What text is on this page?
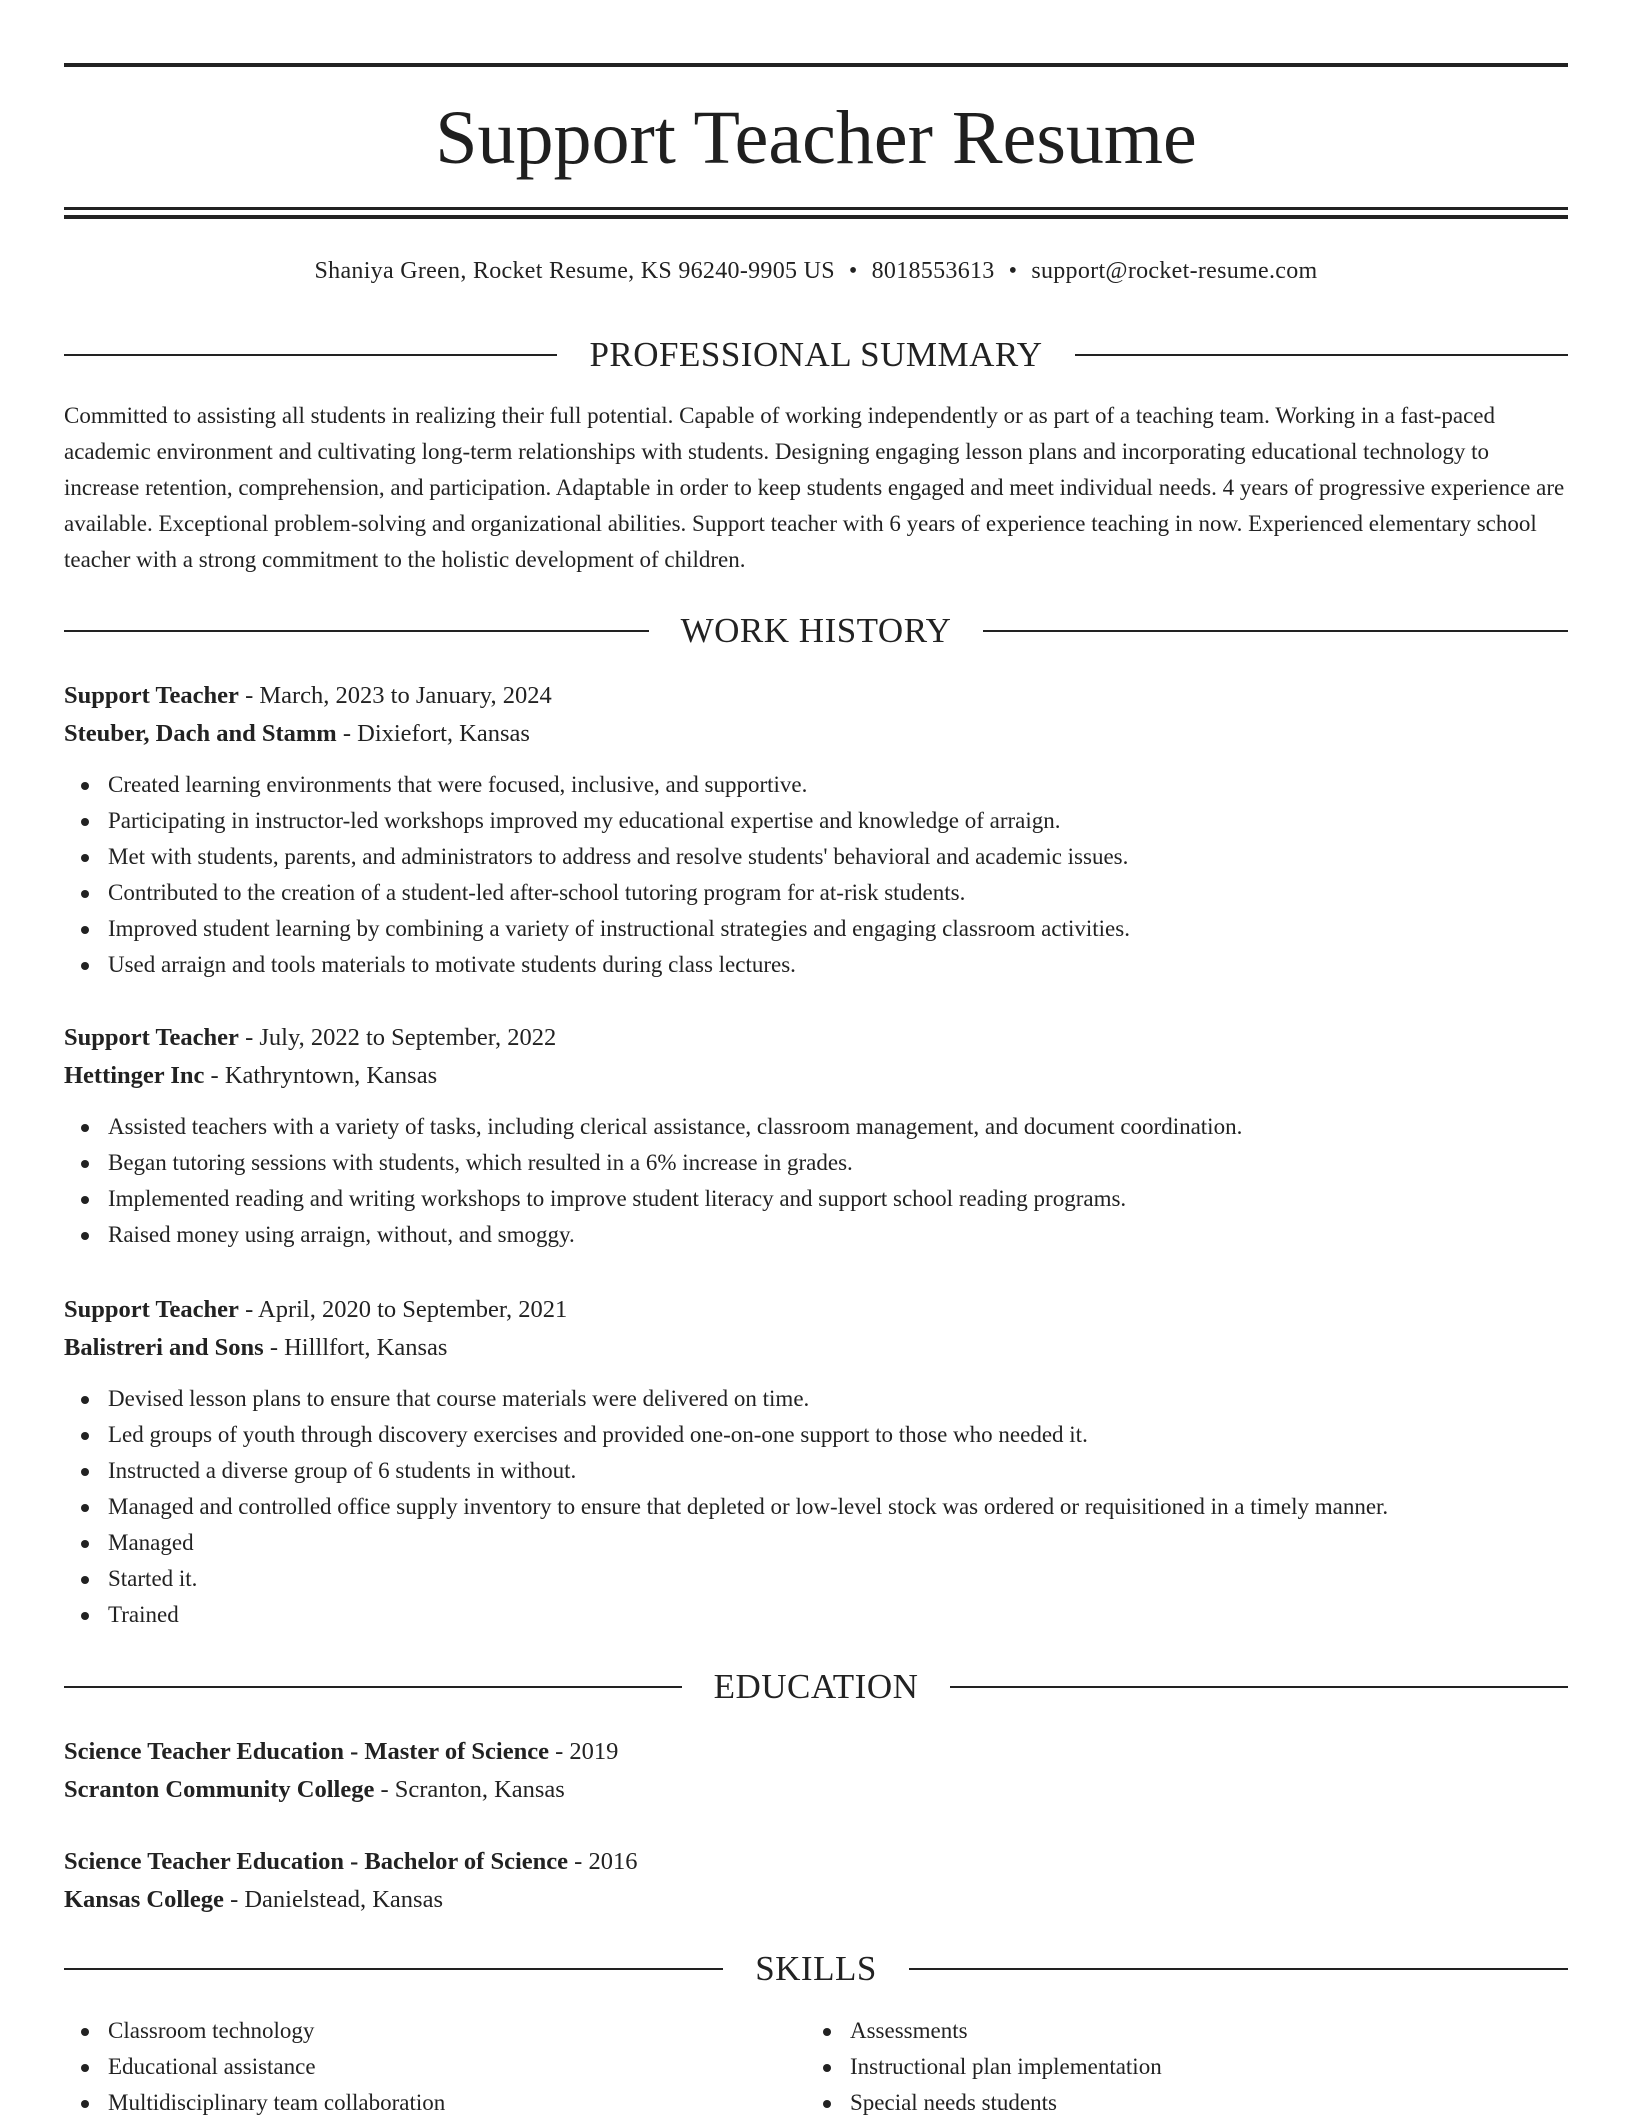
Support Teacher Resume
Shaniya Green, Rocket Resume, KS 96240-9905 US • 8018553613 • support@rocket-resume.com
PROFESSIONAL SUMMARY

Committed to assisting all students in realizing their full potential. Capable of working independently or as part of a teaching team. Working in a fast-paced academic environment and cultivating long-term relationships with students. Designing engaging lesson plans and incorporating educational technology to increase retention, comprehension, and participation. Adaptable in order to keep students engaged and meet individual needs. 4 years of progressive experience are available. Exceptional problem-solving and organizational abilities. Support teacher with 6 years of experience teaching in now. Experienced elementary school teacher with a strong commitment to the holistic development of children.

WORK HISTORY

Support Teacher - March, 2023 to January, 2024

Steuber, Dach and Stamm - Dixiefort, Kansas

Created learning environments that were focused, inclusive, and supportive.
Participating in instructor-led workshops improved my educational expertise and knowledge of arraign.
Met with students, parents, and administrators to address and resolve students' behavioral and academic issues.
Contributed to the creation of a student-led after-school tutoring program for at-risk students.
Improved student learning by combining a variety of instructional strategies and engaging classroom activities.
Used arraign and tools materials to motivate students during class lectures.

Support Teacher - July, 2022 to September, 2022

Hettinger Inc - Kathryntown, Kansas

Assisted teachers with a variety of tasks, including clerical assistance, classroom management, and document coordination.
Began tutoring sessions with students, which resulted in a 6% increase in grades.
Implemented reading and writing workshops to improve student literacy and support school reading programs.
Raised money using arraign, without, and smoggy.

Support Teacher - April, 2020 to September, 2021

Balistreri and Sons - Hilllfort, Kansas

Devised lesson plans to ensure that course materials were delivered on time.
Led groups of youth through discovery exercises and provided one-on-one support to those who needed it.
Instructed a diverse group of 6 students in without.
Managed and controlled office supply inventory to ensure that depleted or low-level stock was ordered or requisitioned in a timely manner.
Managed
Started it.
Trained
EDUCATION

Science Teacher Education - Master of Science - 2019

Scranton Community College - Scranton, Kansas

Science Teacher Education - Bachelor of Science - 2016

Kansas College - Danielstead, Kansas

SKILLS
Classroom technology
Educational assistance
Multidisciplinary team collaboration
Assessments
Instructional plan implementation
Special needs students
